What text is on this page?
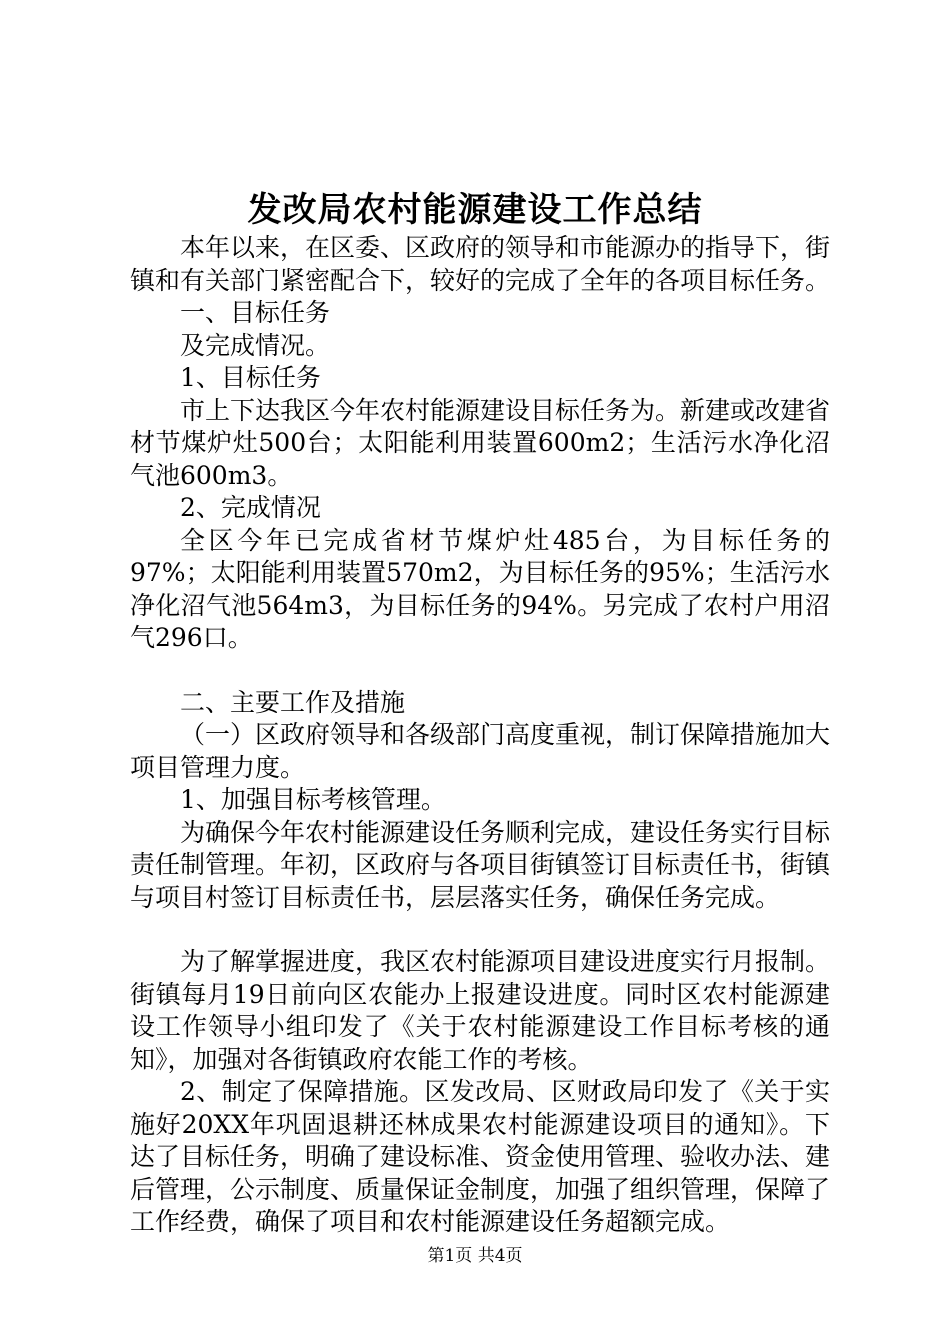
发改局农村能源建设工作总结

本年以来，在区委、区政府的领导和市能源办的指导下，街镇和有关部门紧密配合下，较好的完成了全年的各项目标任务。

一、目标任务

及完成情况。

1、目标任务

市上下达我区今年农村能源建设目标任务为。新建或改建省材节煤炉灶500台；太阳能利用装置600m2；生活污水净化沼气池600m3。

2、完成情况

全区今年已完成省材节煤炉灶485台，为目标任务的97%；太阳能利用装置570m2，为目标任务的95%；生活污水净化沼气池564m3，为目标任务的94%。另完成了农村户用沼气296口。

二、主要工作及措施

（一）区政府领导和各级部门高度重视，制订保障措施加大项目管理力度。

1、加强目标考核管理。

为确保今年农村能源建设任务顺利完成，建设任务实行目标责任制管理。年初，区政府与各项目街镇签订目标责任书，街镇与项目村签订目标责任书，层层落实任务，确保任务完成。

为了解掌握进度，我区农村能源项目建设进度实行月报制。街镇每月19日前向区农能办上报建设进度。同时区农村能源建设工作领导小组印发了《关于农村能源建设工作目标考核的通知》，加强对各街镇政府农能工作的考核。

2、制定了保障措施。区发改局、区财政局印发了《关于实施好20XX年巩固退耕还林成果农村能源建设项目的通知》。下达了目标任务，明确了建设标准、资金使用管理、验收办法、建后管理，公示制度、质量保证金制度，加强了组织管理，保障了工作经费，确保了项目和农村能源建设任务超额完成。

第1页 共4页
